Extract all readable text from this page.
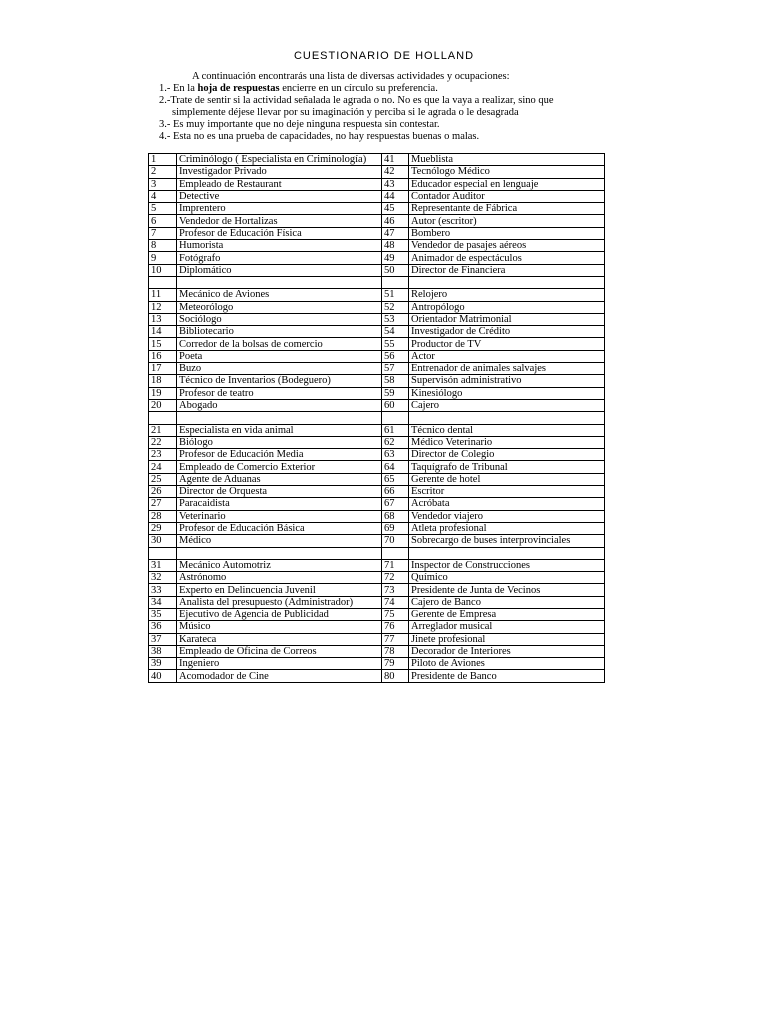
CUESTIONARIO DE HOLLAND

A continuación encontrarás una lista de diversas actividades y ocupaciones:

1.- En la hoja de respuestas encierre en un círculo su preferencia.

2.-Trate de sentir si la actividad señalada le agrada o no. No es que la vaya a realizar, sino que

simplemente déjese llevar por su imaginación y perciba si le agrada o le desagrada

3.- Es muy importante que no deje ninguna respuesta sin contestar.

4.- Esta no es una prueba de capacidades, no hay respuestas buenas o malas.

1	Criminólogo ( Especialista en Criminología)	41	Mueblista
2	Investigador Privado	42	Tecnólogo Médico
3	Empleado de Restaurant	43	Educador especial en lenguaje
4	Detective	44	Contador Auditor
5	Imprentero	45	Representante de Fábrica
6	Vendedor de Hortalizas	46	Autor (escritor)
7	Profesor de Educación Física	47	Bombero
8	Humorista	48	Vendedor de pasajes aéreos
9	Fotógrafo	49	Animador de espectáculos
10	Diplomático	50	Director de Financiera

11	Mecánico de Aviones	51	Relojero
12	Meteorólogo	52	Antropólogo
13	Sociólogo	53	Orientador Matrimonial
14	Bibliotecario	54	Investigador de Crédito
15	Corredor de la bolsas de comercio	55	Productor de TV
16	Poeta	56	Actor
17	Buzo	57	Entrenador de animales salvajes
18	Técnico de Inventarios (Bodeguero)	58	Supervisón administrativo
19	Profesor de teatro	59	Kinesiólogo
20	Abogado	60	Cajero

21	Especialista en vida animal	61	Técnico dental
22	Biólogo	62	Médico Veterinario
23	Profesor de Educación Media	63	Director de Colegio
24	Empleado de Comercio Exterior	64	Taquígrafo de Tribunal
25	Agente de Aduanas	65	Gerente de hotel
26	Director de Orquesta	66	Escritor
27	Paracaidista	67	Acróbata
28	Veterinario	68	Vendedor viajero
29	Profesor de Educación Básica	69	Atleta profesional
30	Médico	70	Sobrecargo de buses interprovinciales

31	Mecánico Automotriz	71	Inspector de Construcciones
32	Astrónomo	72	Químico
33	Experto en Delincuencia Juvenil	73	Presidente de Junta de Vecinos
34	Analista del presupuesto (Administrador)	74	Cajero de Banco
35	Ejecutivo de Agencia de Publicidad	75	Gerente de Empresa
36	Músico	76	Arreglador musical
37	Karateca	77	Jinete profesional
38	Empleado de Oficina de Correos	78	Decorador de Interiores
39	Ingeniero	79	Piloto de Aviones
40	Acomodador de Cine	80	Presidente de Banco
